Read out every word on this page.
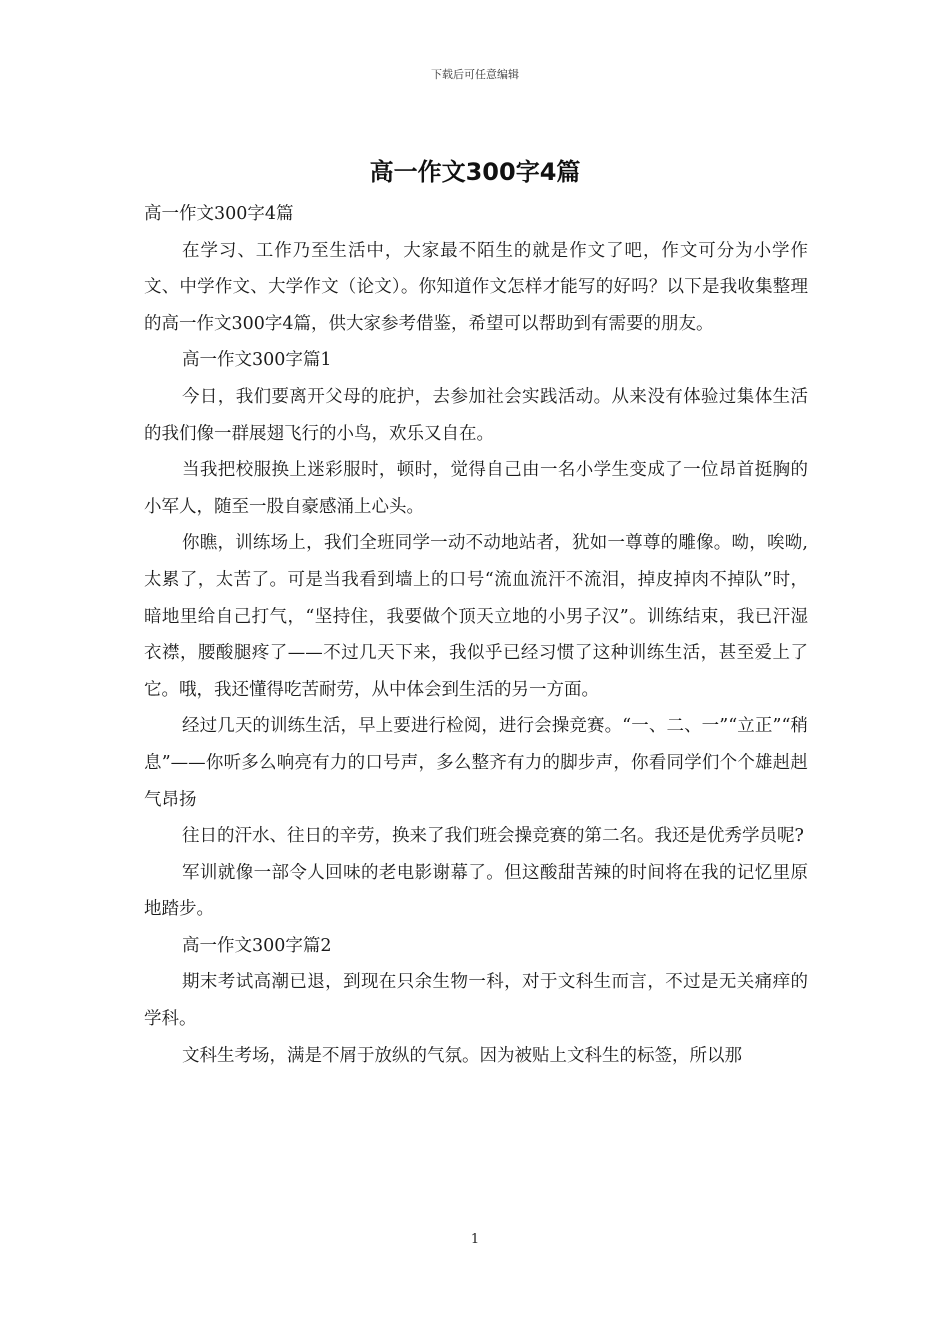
下载后可任意编辑
高一作文300字4篇

高一作文300字4篇

在学习、工作乃至生活中，大家最不陌生的就是作文了吧，作文可分为小学作文、中学作文、大学作文（论文）。你知道作文怎样才能写的好吗？以下是我收集整理的高一作文300字4篇，供大家参考借鉴，希望可以帮助到有需要的朋友。

高一作文300字篇1

今日，我们要离开父母的庇护，去参加社会实践活动。从来没有体验过集体生活的我们像一群展翅飞行的小鸟，欢乐又自在。

当我把校服换上迷彩服时，顿时，觉得自己由一名小学生变成了一位昂首挺胸的小军人，随至一股自豪感涌上心头。

你瞧，训练场上，我们全班同学一动不动地站者，犹如一尊尊的雕像。呦，唉呦,太累了，太苦了。可是当我看到墙上的口号“流血流汗不流泪，掉皮掉肉不掉队”时，暗地里给自己打气，“坚持住，我要做个顶天立地的小男子汉”。训练结束，我已汗湿衣襟，腰酸腿疼了——不过几天下来，我似乎已经习惯了这种训练生活，甚至爱上了它。哦，我还懂得吃苦耐劳，从中体会到生活的另一方面。

经过几天的训练生活，早上要进行检阅，进行会操竞赛。“一、二、一”“立正”“稍息”——你听多么响亮有力的口号声，多么整齐有力的脚步声，你看同学们个个雄赳赳气昂扬

往日的汗水、往日的辛劳，换来了我们班会操竞赛的第二名。我还是优秀学员呢?

军训就像一部令人回味的老电影谢幕了。但这酸甜苦辣的时间将在我的记忆里原地踏步。

高一作文300字篇2

期末考试高潮已退，到现在只余生物一科，对于文科生而言，不过是无关痛痒的学科。

文科生考场，满是不屑于放纵的气氛。因为被贴上文科生的标签，所以那

1
